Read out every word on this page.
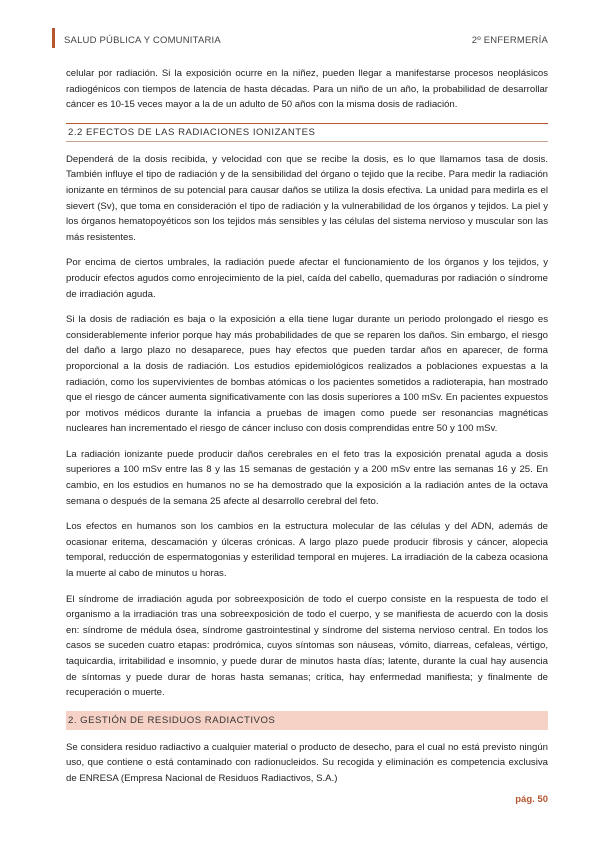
SALUD PÚBLICA Y COMUNITARIA	2º ENFERMERÍA

celular por radiación. Si la exposición ocurre en la niñez, pueden llegar a manifestarse procesos neoplásicos radiogénicos con tiempos de latencia de hasta décadas. Para un niño de un año, la probabilidad de desarrollar cáncer es 10-15 veces mayor a la de un adulto de 50 años con la misma dosis de radiación.

2.2 EFECTOS DE LAS RADIACIONES IONIZANTES

Dependerá de la dosis recibida, y velocidad con que se recibe la dosis, es lo que llamamos tasa de dosis. También influye el tipo de radiación y de la sensibilidad del órgano o tejido que la recibe. Para medir la radiación ionizante en términos de su potencial para causar daños se utiliza la dosis efectiva. La unidad para medirla es el sievert (Sv), que toma en consideración el tipo de radiación y la vulnerabilidad de los órganos y tejidos. La piel y los órganos hematopoyéticos son los tejidos más sensibles y las células del sistema nervioso y muscular son las más resistentes.

Por encima de ciertos umbrales, la radiación puede afectar el funcionamiento de los órganos y los tejidos, y producir efectos agudos como enrojecimiento de la piel, caída del cabello, quemaduras por radiación o síndrome de irradiación aguda.

Si la dosis de radiación es baja o la exposición a ella tiene lugar durante un periodo prolongado el riesgo es considerablemente inferior porque hay más probabilidades de que se reparen los daños. Sin embargo, el riesgo del daño a largo plazo no desaparece, pues hay efectos que pueden tardar años en aparecer, de forma proporcional a la dosis de radiación. Los estudios epidemiológicos realizados a poblaciones expuestas a la radiación, como los supervivientes de bombas atómicas o los pacientes sometidos a radioterapia, han mostrado que el riesgo de cáncer aumenta significativamente con las dosis superiores a 100 mSv. En pacientes expuestos por motivos médicos durante la infancia a pruebas de imagen como puede ser resonancias magnéticas nucleares han incrementado el riesgo de cáncer incluso con dosis comprendidas entre 50 y 100 mSv.

La radiación ionizante puede producir daños cerebrales en el feto tras la exposición prenatal aguda a dosis superiores a 100 mSv entre las 8 y las 15 semanas de gestación y a 200 mSv entre las semanas 16 y 25. En cambio, en los estudios en humanos no se ha demostrado que la exposición a la radiación antes de la octava semana o después de la semana 25 afecte al desarrollo cerebral del feto.

Los efectos en humanos son los cambios en la estructura molecular de las células y del ADN, además de ocasionar eritema, descamación y úlceras crónicas. A largo plazo puede producir fibrosis y cáncer, alopecia temporal, reducción de espermatogonias y esterilidad temporal en mujeres. La irradiación de la cabeza ocasiona la muerte al cabo de minutos u horas.

El síndrome de irradiación aguda por sobreexposición de todo el cuerpo consiste en la respuesta de todo el organismo a la irradiación tras una sobreexposición de todo el cuerpo, y se manifiesta de acuerdo con la dosis en: síndrome de médula ósea, síndrome gastrointestinal y síndrome del sistema nervioso central. En todos los casos se suceden cuatro etapas: prodrómica, cuyos síntomas son náuseas, vómito, diarreas, cefaleas, vértigo, taquicardia, irritabilidad e insomnio, y puede durar de minutos hasta días; latente, durante la cual hay ausencia de síntomas y puede durar de horas hasta semanas; crítica, hay enfermedad manifiesta; y finalmente de recuperación o muerte.

2. GESTIÓN DE RESIDUOS RADIACTIVOS

Se considera residuo radiactivo a cualquier material o producto de desecho, para el cual no está previsto ningún uso, que contiene o está contaminado con radionucleidos. Su recogida y eliminación es competencia exclusiva de ENRESA (Empresa Nacional de Residuos Radiactivos, S.A.)

pág. 50
